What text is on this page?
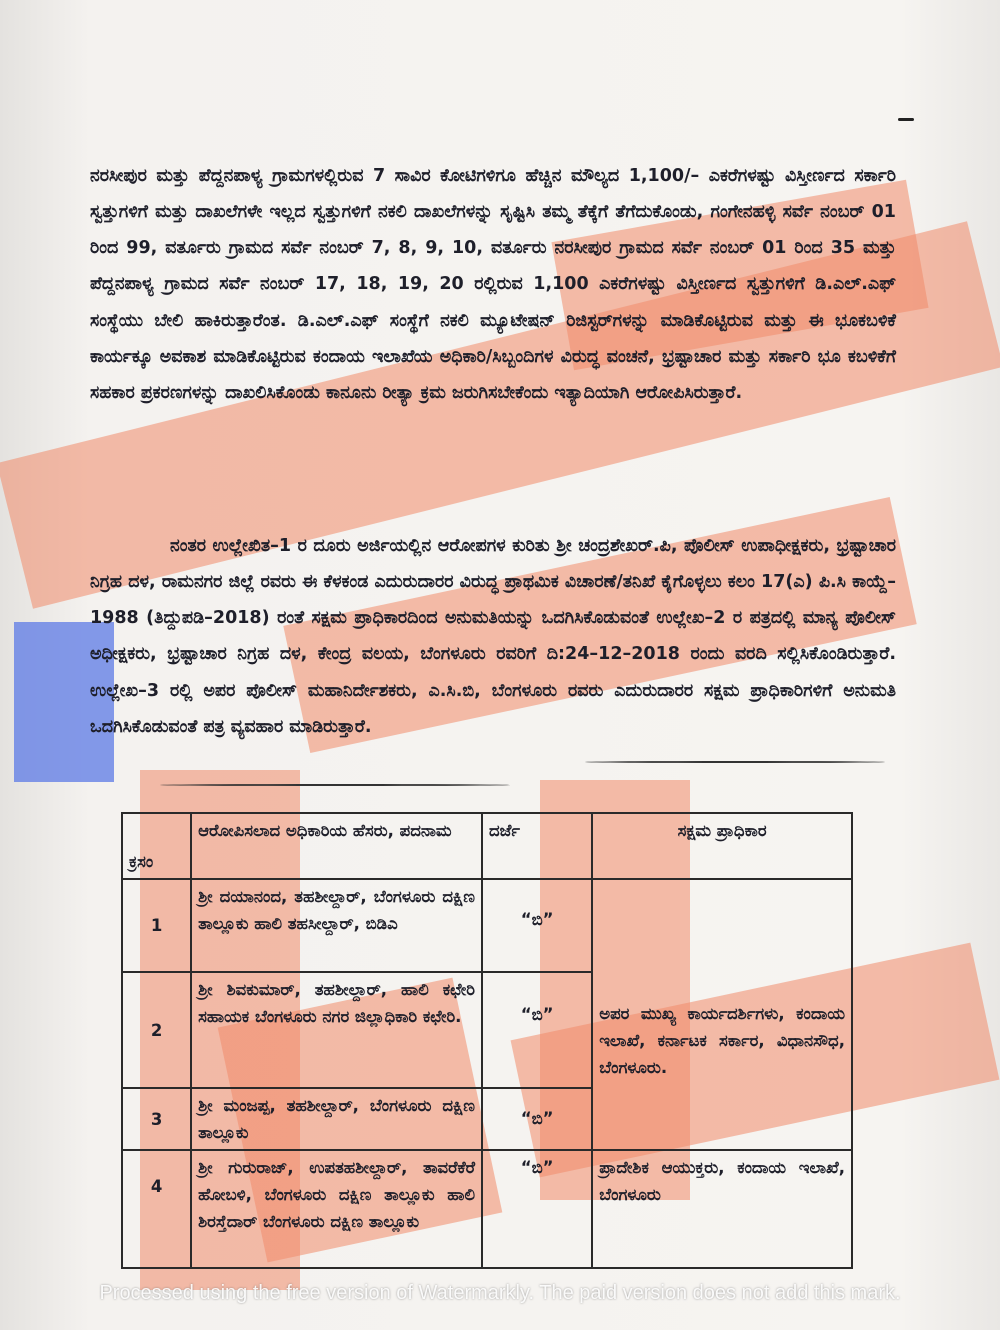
ನರಸೀಪುರ ಮತ್ತು ಪೆದ್ದನಪಾಳ್ಯ ಗ್ರಾಮಗಳಲ್ಲಿರುವ 7 ಸಾವಿರ ಕೋಟಿಗಳಿಗೂ ಹೆಚ್ಚಿನ ಮೌಲ್ಯದ 1,100/– ಎಕರೆಗಳಷ್ಟು ವಿಸ್ತೀರ್ಣದ ಸರ್ಕಾರಿ ಸ್ವತ್ತುಗಳಿಗೆ ಮತ್ತು ದಾಖಲೆಗಳೇ ಇಲ್ಲದ ಸ್ವತ್ತುಗಳಿಗೆ ನಕಲಿ ದಾಖಲೆಗಳನ್ನು ಸೃಷ್ಟಿಸಿ ತಮ್ಮ ತೆಕ್ಕೆಗೆ ತೆಗೆದುಕೊಂಡು, ಗಂಗೇನಹಳ್ಳಿ ಸರ್ವೆ ನಂಬರ್ 01 ರಿಂದ 99, ವರ್ತೂರು ಗ್ರಾಮದ ಸರ್ವೆ ನಂಬರ್ 7, 8, 9, 10, ವರ್ತೂರು ನರಸೀಪುರ ಗ್ರಾಮದ ಸರ್ವೆ ನಂಬರ್ 01 ರಿಂದ 35 ಮತ್ತು ಪೆದ್ದನಪಾಳ್ಯ ಗ್ರಾಮದ ಸರ್ವೆ ನಂಬರ್ 17, 18, 19, 20 ರಲ್ಲಿರುವ 1,100 ಎಕರೆಗಳಷ್ಟು ವಿಸ್ತೀರ್ಣದ ಸ್ವತ್ತುಗಳಿಗೆ ಡಿ.ಎಲ್.ಎಫ್ ಸಂಸ್ಥೆಯು ಬೇಲಿ ಹಾಕಿರುತ್ತಾರೆಂತ. ಡಿ.ಎಲ್.ಎಫ್ ಸಂಸ್ಥೆಗೆ ನಕಲಿ ಮ್ಯೂಟೇಷನ್ ರಿಜಿಸ್ಟರ್‌ಗಳನ್ನು ಮಾಡಿಕೊಟ್ಟಿರುವ ಮತ್ತು ಈ ಭೂಕಬಳಿಕೆ ಕಾರ್ಯಕ್ಕೂ ಅವಕಾಶ ಮಾಡಿಕೊಟ್ಟಿರುವ ಕಂದಾಯ ಇಲಾಖೆಯ ಅಧಿಕಾರಿ/ಸಿಬ್ಬಂದಿಗಳ ವಿರುದ್ಧ ವಂಚನೆ, ಭ್ರಷ್ಟಾಚಾರ ಮತ್ತು ಸರ್ಕಾರಿ ಭೂ ಕಬಳಿಕೆಗೆ ಸಹಕಾರ ಪ್ರಕರಣಗಳನ್ನು ದಾಖಲಿಸಿಕೊಂಡು ಕಾನೂನು ರೀತ್ಯಾ ಕ್ರಮ ಜರುಗಿಸಬೇಕೆಂದು ಇತ್ಯಾದಿಯಾಗಿ ಆರೋಪಿಸಿರುತ್ತಾರೆ.

ನಂತರ ಉಲ್ಲೇಖಿತ–1 ರ ದೂರು ಅರ್ಜಿಯಲ್ಲಿನ ಆರೋಪಗಳ ಕುರಿತು ಶ್ರೀ ಚಂದ್ರಶೇಖರ್.ಪಿ, ಪೊಲೀಸ್ ಉಪಾಧೀಕ್ಷಕರು, ಭ್ರಷ್ಟಾಚಾರ ನಿಗ್ರಹ ದಳ, ರಾಮನಗರ ಜಿಲ್ಲೆ ರವರು ಈ ಕೆಳಕಂಡ ಎದುರುದಾರರ ವಿರುದ್ಧ ಪ್ರಾಥಮಿಕ ವಿಚಾರಣೆ/ತನಿಖೆ ಕೈಗೊಳ್ಳಲು ಕಲಂ 17(ಎ) ಪಿ.ಸಿ ಕಾಯ್ದೆ–1988 (ತಿದ್ದುಪಡಿ–2018) ರಂತೆ ಸಕ್ಷಮ ಪ್ರಾಧಿಕಾರದಿಂದ ಅನುಮತಿಯನ್ನು ಒದಗಿಸಿಕೊಡುವಂತೆ ಉಲ್ಲೇಖ–2 ರ ಪತ್ರದಲ್ಲಿ ಮಾನ್ಯ ಪೊಲೀಸ್ ಅಧೀಕ್ಷಕರು, ಭ್ರಷ್ಟಾಚಾರ ನಿಗ್ರಹ ದಳ, ಕೇಂದ್ರ ವಲಯ, ಬೆಂಗಳೂರು ರವರಿಗೆ ದಿ:24–12–2018 ರಂದು ವರದಿ ಸಲ್ಲಿಸಿಕೊಂಡಿರುತ್ತಾರೆ. ಉಲ್ಲೇಖ–3 ರಲ್ಲಿ ಅಪರ ಪೊಲೀಸ್ ಮಹಾನಿರ್ದೇಶಕರು, ಎ.ಸಿ.ಬಿ, ಬೆಂಗಳೂರು ರವರು ಎದುರುದಾರರ ಸಕ್ಷಮ ಪ್ರಾಧಿಕಾರಿಗಳಿಗೆ ಅನುಮತಿ ಒದಗಿಸಿಕೊಡುವಂತೆ ಪತ್ರ ವ್ಯವಹಾರ ಮಾಡಿರುತ್ತಾರೆ.

ಕ್ರಸಂ	ಆರೋಪಿಸಲಾದ ಅಧಿಕಾರಿಯ ಹೆಸರು, ಪದನಾಮ	ದರ್ಜೆ	ಸಕ್ಷಮ ಪ್ರಾಧಿಕಾರ
1	ಶ್ರೀ ದಯಾನಂದ, ತಹಶೀಲ್ದಾರ್, ಬೆಂಗಳೂರು ದಕ್ಷಿಣ ತಾಲ್ಲೂಕು ಹಾಲಿ ತಹಸೀಲ್ದಾರ್, ಬಿಡಿಎ	“ಬಿ”	ಅಪರ ಮುಖ್ಯ ಕಾರ್ಯದರ್ಶಿಗಳು, ಕಂದಾಯ ಇಲಾಖೆ, ಕರ್ನಾಟಕ ಸರ್ಕಾರ, ವಿಧಾನಸೌಧ, ಬೆಂಗಳೂರು.
2	ಶ್ರೀ ಶಿವಕುಮಾರ್, ತಹಶೀಲ್ದಾರ್, ಹಾಲಿ ಕಛೇರಿ ಸಹಾಯಕ ಬೆಂಗಳೂರು ನಗರ ಜಿಲ್ಲಾಧಿಕಾರಿ ಕಛೇರಿ.	“ಬಿ”	
3	ಶ್ರೀ ಮಂಜಪ್ಪ, ತಹಶೀಲ್ದಾರ್, ಬೆಂಗಳೂರು ದಕ್ಷಿಣ ತಾಲ್ಲೂಕು	“ಬಿ”	
4	ಶ್ರೀ ಗುರುರಾಜ್, ಉಪತಹಶೀಲ್ದಾರ್, ತಾವರೆಕೆರೆ ಹೋಬಳಿ, ಬೆಂಗಳೂರು ದಕ್ಷಿಣ ತಾಲ್ಲೂಕು ಹಾಲಿ ಶಿರಸ್ತೆದಾರ್ ಬೆಂಗಳೂರು ದಕ್ಷಿಣ ತಾಲ್ಲೂಕು	“ಬಿ”	ಪ್ರಾದೇಶಿಕ ಆಯುಕ್ತರು, ಕಂದಾಯ ಇಲಾಖೆ, ಬೆಂಗಳೂರು
Processed using the free version of Watermarkly. The paid version does not add this mark.
